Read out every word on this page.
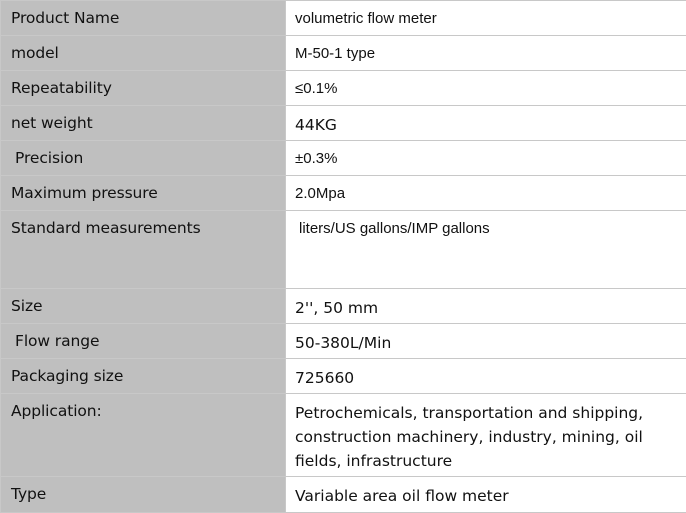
Product Name	volumetric flow meter
model	M-50-1 type
Repeatability	≤0.1%
net weight	44KG
Precision	±0.3%
Maximum pressure	2.0Mpa
Standard measurements	liters/US gallons/IMP gallons
Size	2'', 50 mm
Flow range	50-380L/Min
Packaging size	725660
Application:	Petrochemicals, transportation and shipping, construction machinery, industry, mining, oil fields, infrastructure
Type	Variable area oil flow meter
